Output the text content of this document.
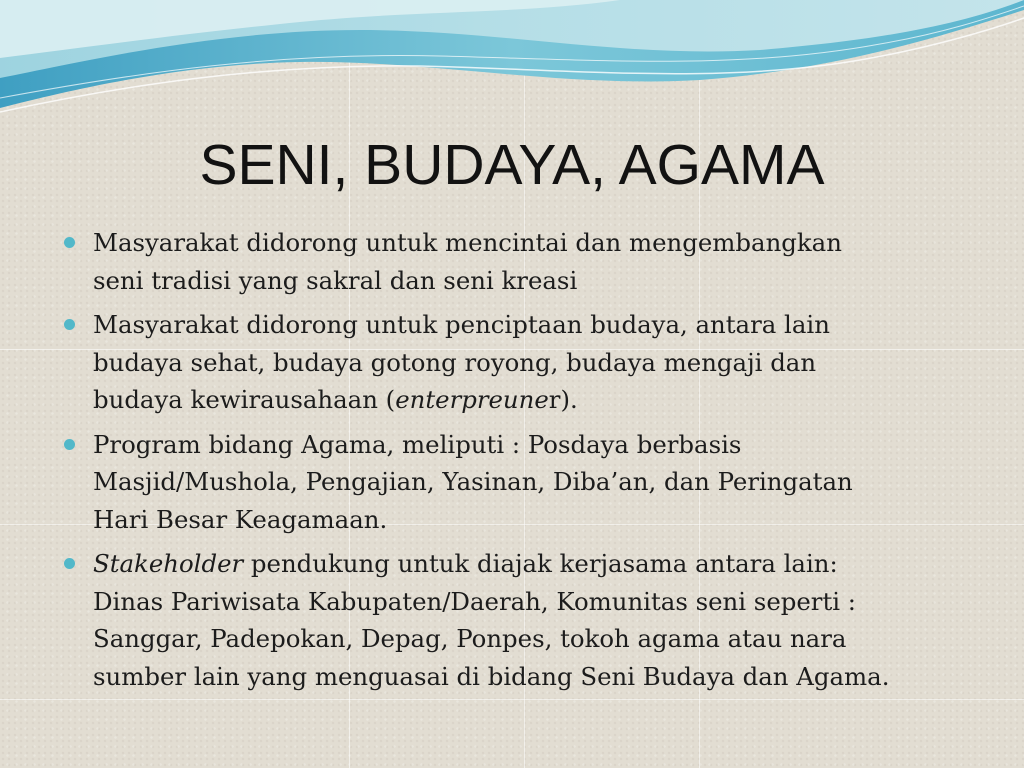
SENI, BUDAYA, AGAMA
Masyarakat didorong untuk mencintai dan mengembangkan
seni tradisi yang sakral dan seni kreasi
Masyarakat didorong untuk penciptaan budaya, antara lain
budaya sehat, budaya gotong royong, budaya mengaji dan
budaya kewirausahaan (enterpreuner).
Program bidang Agama, meliputi : Posdaya berbasis
Masjid/Mushola, Pengajian, Yasinan, Diba’an, dan Peringatan
Hari Besar Keagamaan.
Stakeholder pendukung untuk diajak kerjasama antara lain:
Dinas Pariwisata Kabupaten/Daerah, Komunitas seni seperti :
Sanggar, Padepokan, Depag, Ponpes, tokoh agama atau nara
sumber lain yang menguasai di bidang Seni Budaya dan Agama.
